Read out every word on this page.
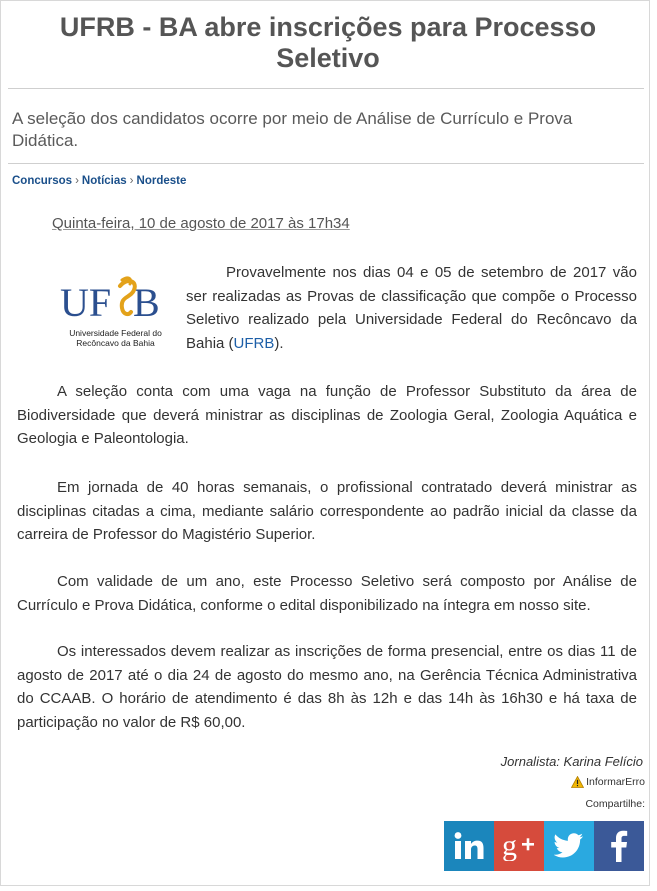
UFRB - BA abre inscrições para Processo Seletivo
A seleção dos candidatos ocorre por meio de Análise de Currículo e Prova Didática.
Concursos › Notícias › Nordeste
Quinta-feira, 10 de agosto de 2017 às 17h34
UF B
Universidade Federal do
Recôncavo da Bahia
Provavelmente nos dias 04 e 05 de setembro de 2017 vão ser realizadas as Provas de classificação que compõe o Processo Seletivo realizado pela Universidade Federal do Recôncavo da Bahia (UFRB).
A seleção conta com uma vaga na função de Professor Substituto da área de Biodiversidade que deverá ministrar as disciplinas de Zoologia Geral, Zoologia Aquática e Geologia e Paleontologia.
Em jornada de 40 horas semanais, o profissional contratado deverá ministrar as disciplinas citadas a cima, mediante salário correspondente ao padrão inicial da classe da carreira de Professor do Magistério Superior.
Com validade de um ano, este Processo Seletivo será composto por Análise de Currículo e Prova Didática, conforme o edital disponibilizado na íntegra em nosso site.
Os interessados devem realizar as inscrições de forma presencial, entre os dias 11 de agosto de 2017 até o dia 24 de agosto do mesmo ano, na Gerência Técnica Administrativa do CCAAB. O horário de atendimento é das 8h às 12h e das 14h às 16h30 e há taxa de participação no valor de R$ 60,00.
Jornalista: Karina Felício
InformarErro
Compartilhe:
g
